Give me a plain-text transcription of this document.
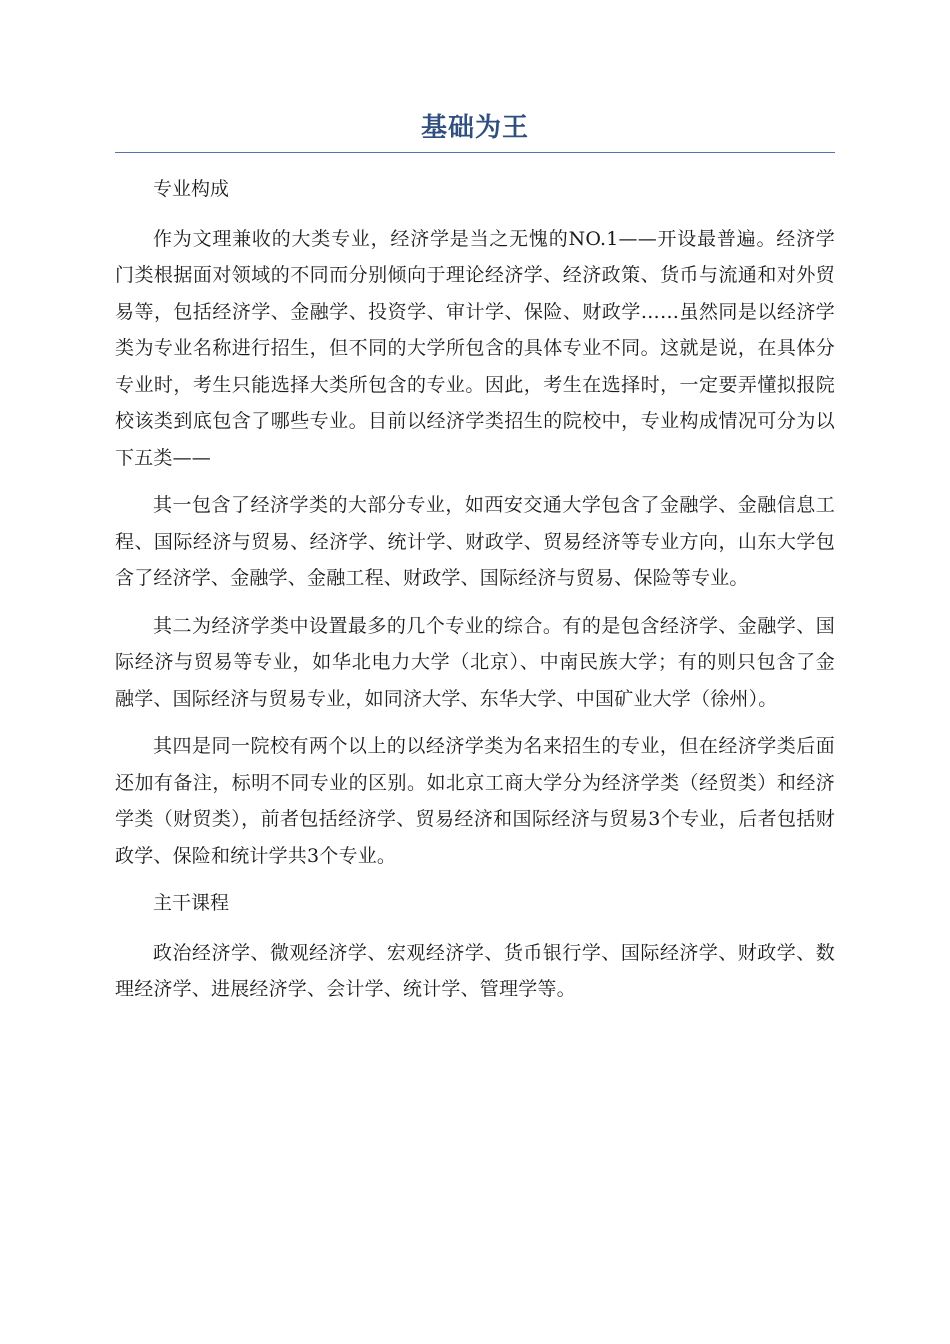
基础为王

专业构成

作为文理兼收的大类专业，经济学是当之无愧的NO.1——开设最普遍。经济学门类根据面对领域的不同而分别倾向于理论经济学、经济政策、货币与流通和对外贸易等，包括经济学、金融学、投资学、审计学、保险、财政学……虽然同是以经济学类为专业名称进行招生，但不同的大学所包含的具体专业不同。这就是说，在具体分专业时，考生只能选择大类所包含的专业。因此，考生在选择时，一定要弄懂拟报院校该类到底包含了哪些专业。目前以经济学类招生的院校中，专业构成情况可分为以下五类——

其一包含了经济学类的大部分专业，如西安交通大学包含了金融学、金融信息工程、国际经济与贸易、经济学、统计学、财政学、贸易经济等专业方向，山东大学包含了经济学、金融学、金融工程、财政学、国际经济与贸易、保险等专业。

其二为经济学类中设置最多的几个专业的综合。有的是包含经济学、金融学、国际经济与贸易等专业，如华北电力大学（北京）、中南民族大学；有的则只包含了金融学、国际经济与贸易专业，如同济大学、东华大学、中国矿业大学（徐州）。

其四是同一院校有两个以上的以经济学类为名来招生的专业，但在经济学类后面还加有备注，标明不同专业的区别。如北京工商大学分为经济学类（经贸类）和经济学类（财贸类），前者包括经济学、贸易经济和国际经济与贸易3个专业，后者包括财政学、保险和统计学共3个专业。

主干课程

政治经济学、微观经济学、宏观经济学、货币银行学、国际经济学、财政学、数理经济学、进展经济学、会计学、统计学、管理学等。
